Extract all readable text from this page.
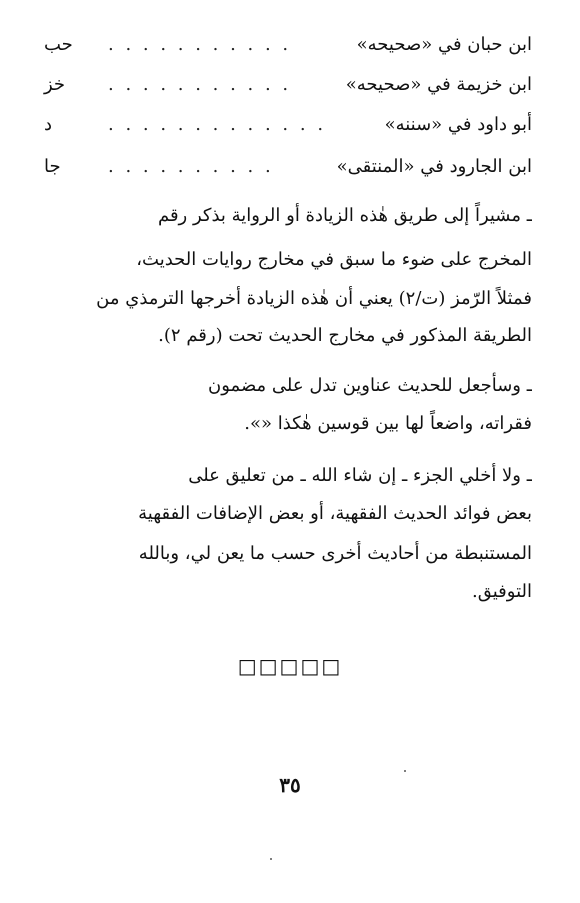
ابن حبان في «صحيحه»
. . . . . . . . . . .
حب
ابن خزيمة في «صحيحه»
. . . . . . . . . . .
خز
أبو داود في «سننه»
. . . . . . . . . . . . .
د
ابن الجارود في «المنتقى»
. . . . . . . . . .
جا
ـ مشيراً إلى طريق هٰذه الزيادة أو الرواية بذكر رقم
المخرج على ضوء ما سبق في مخارج روايات الحديث،
فمثلاً الرّمز (ت/٢) يعني أن هٰذه الزيادة أخرجها الترمذي من
الطريقة المذكور في مخارج الحديث تحت (رقم ٢).
ـ وسأجعل للحديث عناوين تدل على مضمون
فقراته، واضعاً لها بين قوسين هٰكذا «».
ـ ولا أخلي الجزء ـ إن شاء الله ـ من تعليق على
بعض فوائد الحديث الفقهية، أو بعض الإضافات الفقهية
المستنبطة من أحاديث أخرى حسب ما يعن لي، وبالله
التوفيق.
□□□□□
٣٥
